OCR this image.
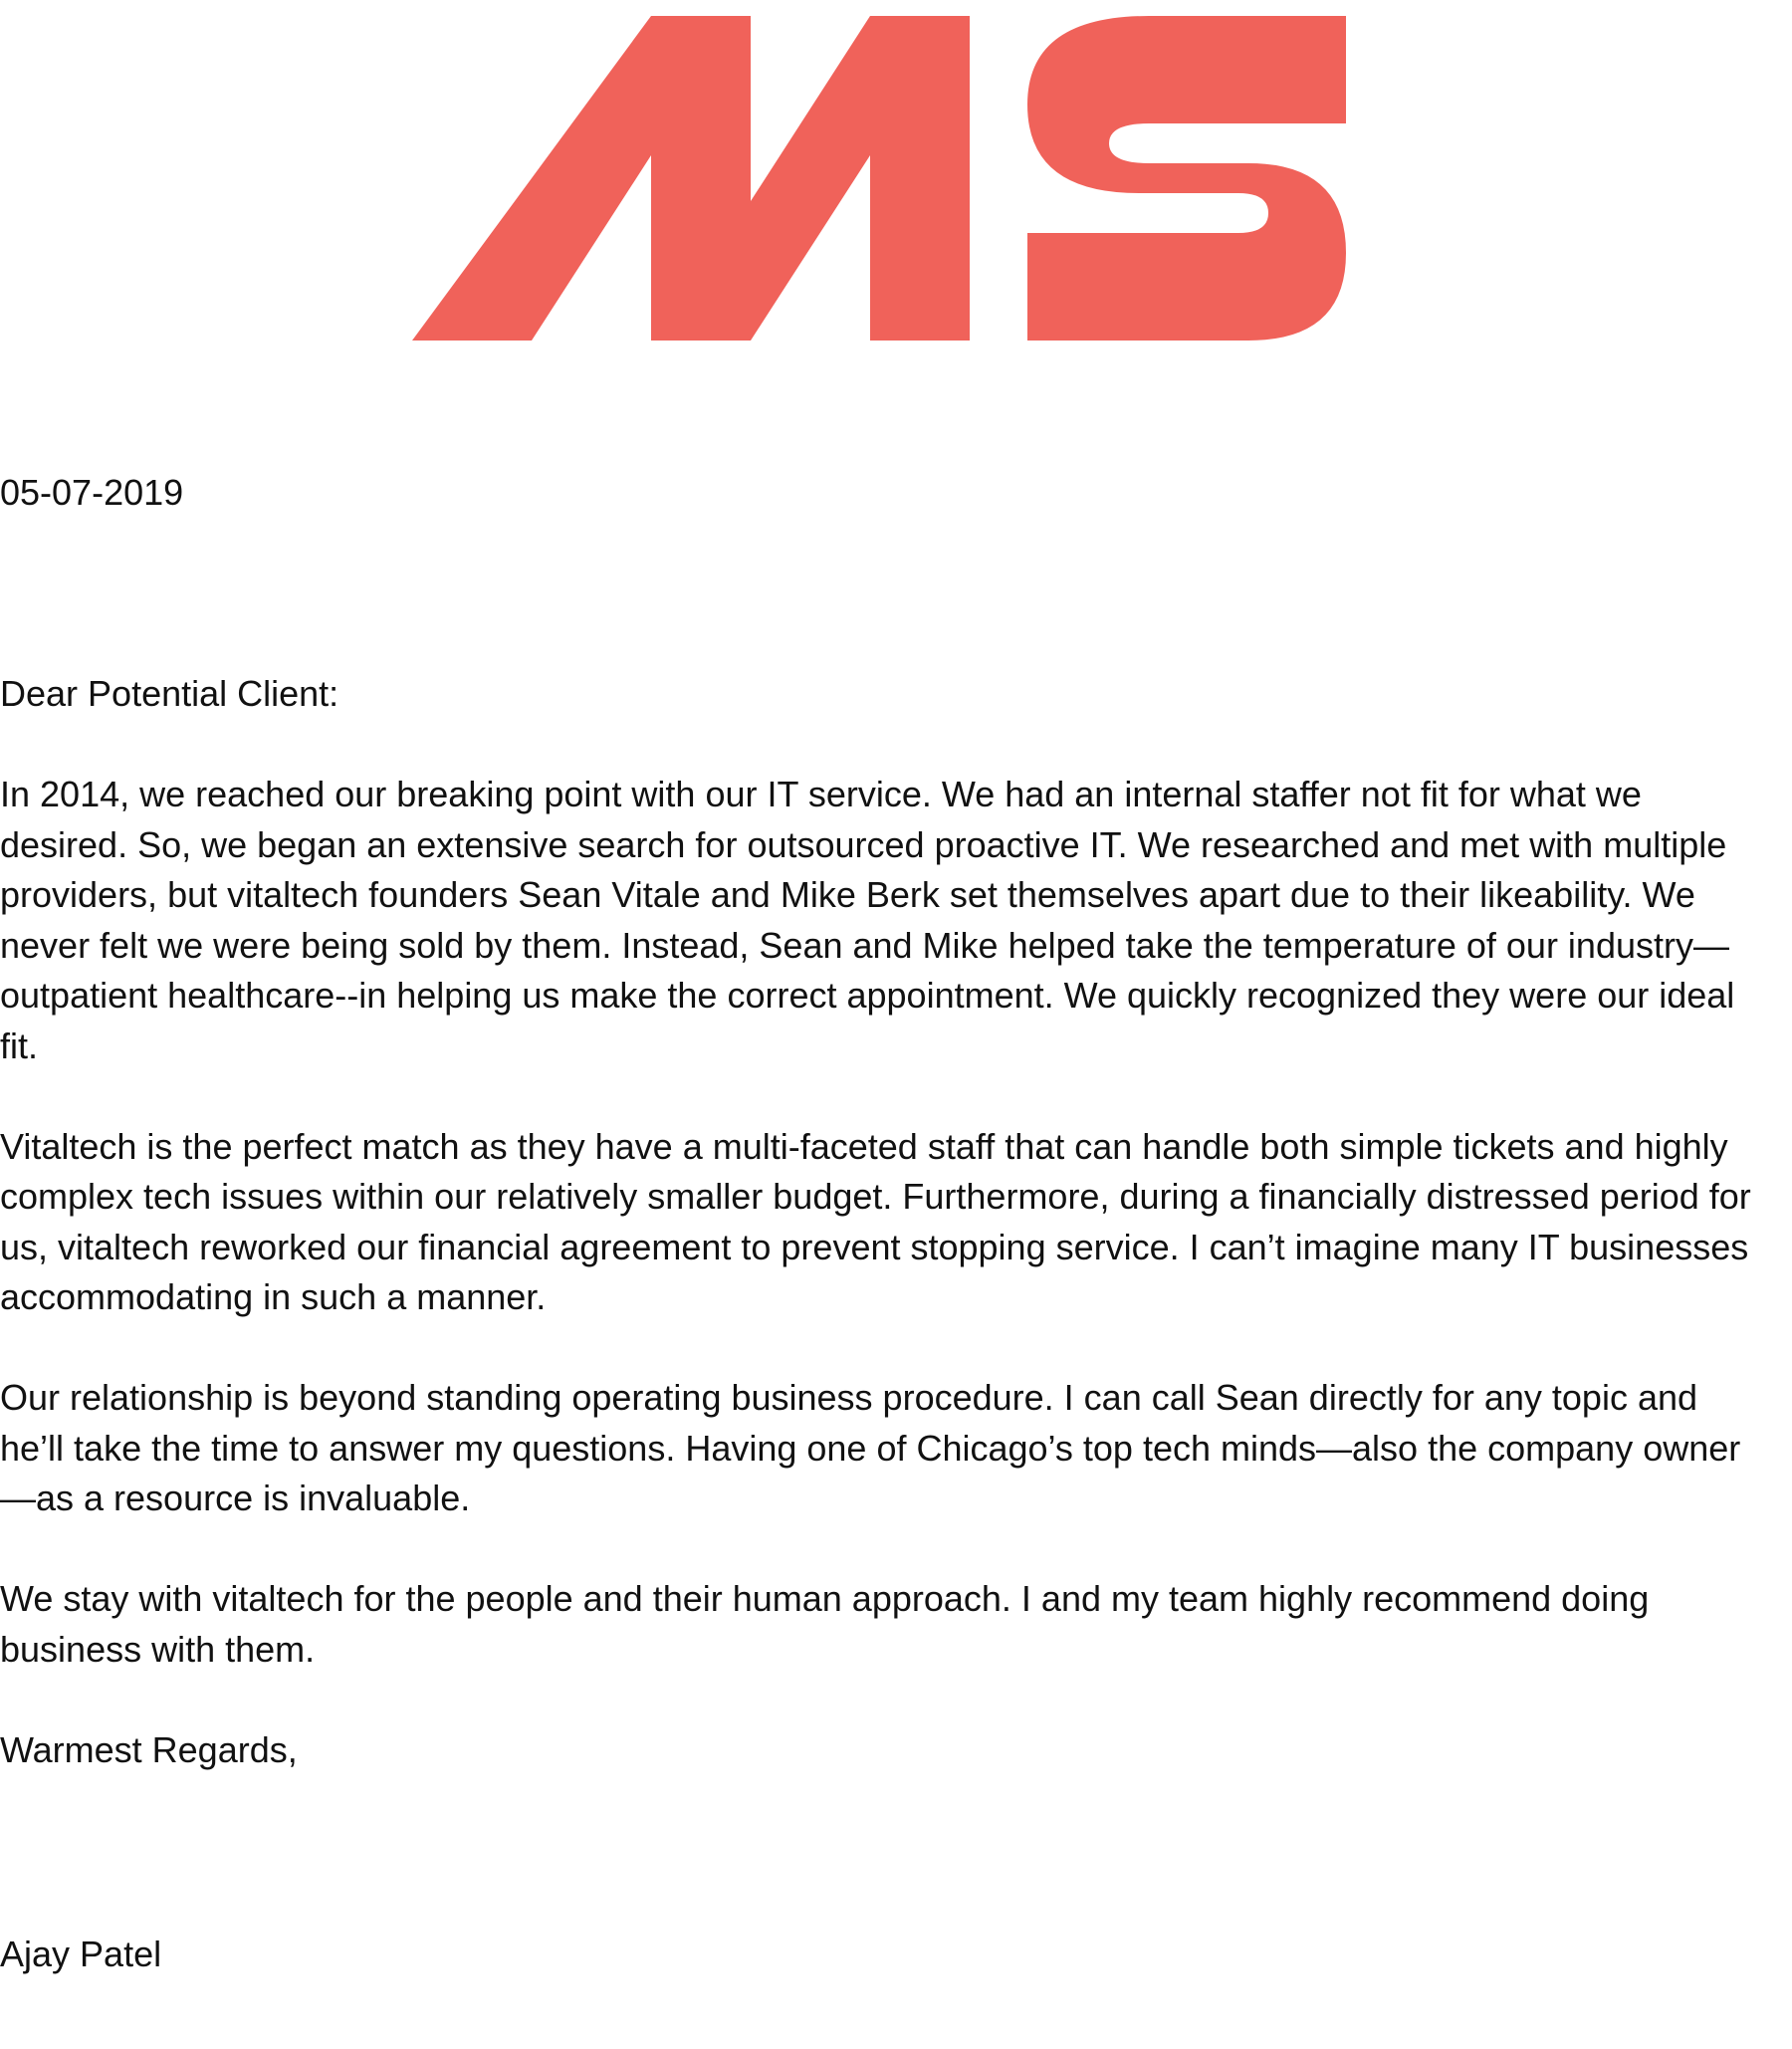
05-07-2019

Dear Potential Client:

In 2014, we reached our breaking point with our IT service. We had an internal staffer not fit for what we desired. So, we began an extensive search for outsourced proactive IT. We researched and met with multiple providers, but vitaltech founders Sean Vitale and Mike Berk set themselves apart due to their likeability. We never felt we were being sold by them. Instead, Sean and Mike helped take the temperature of our industry—outpatient healthcare--in helping us make the correct appointment. We quickly recognized they were our ideal fit.

Vitaltech is the perfect match as they have a multi-faceted staff that can handle both simple tickets and highly complex tech issues within our relatively smaller budget. Furthermore, during a financially distressed period for us, vitaltech reworked our financial agreement to prevent stopping service. I can’t imagine many IT businesses accommodating in such a manner.

Our relationship is beyond standing operating business procedure. I can call Sean directly for any topic and he’ll take the time to answer my questions. Having one of Chicago’s top tech minds—also the company owner—as a resource is invaluable.

We stay with vitaltech for the people and their human approach. I and my team highly recommend doing business with them.

Warmest Regards,

Ajay Patel
